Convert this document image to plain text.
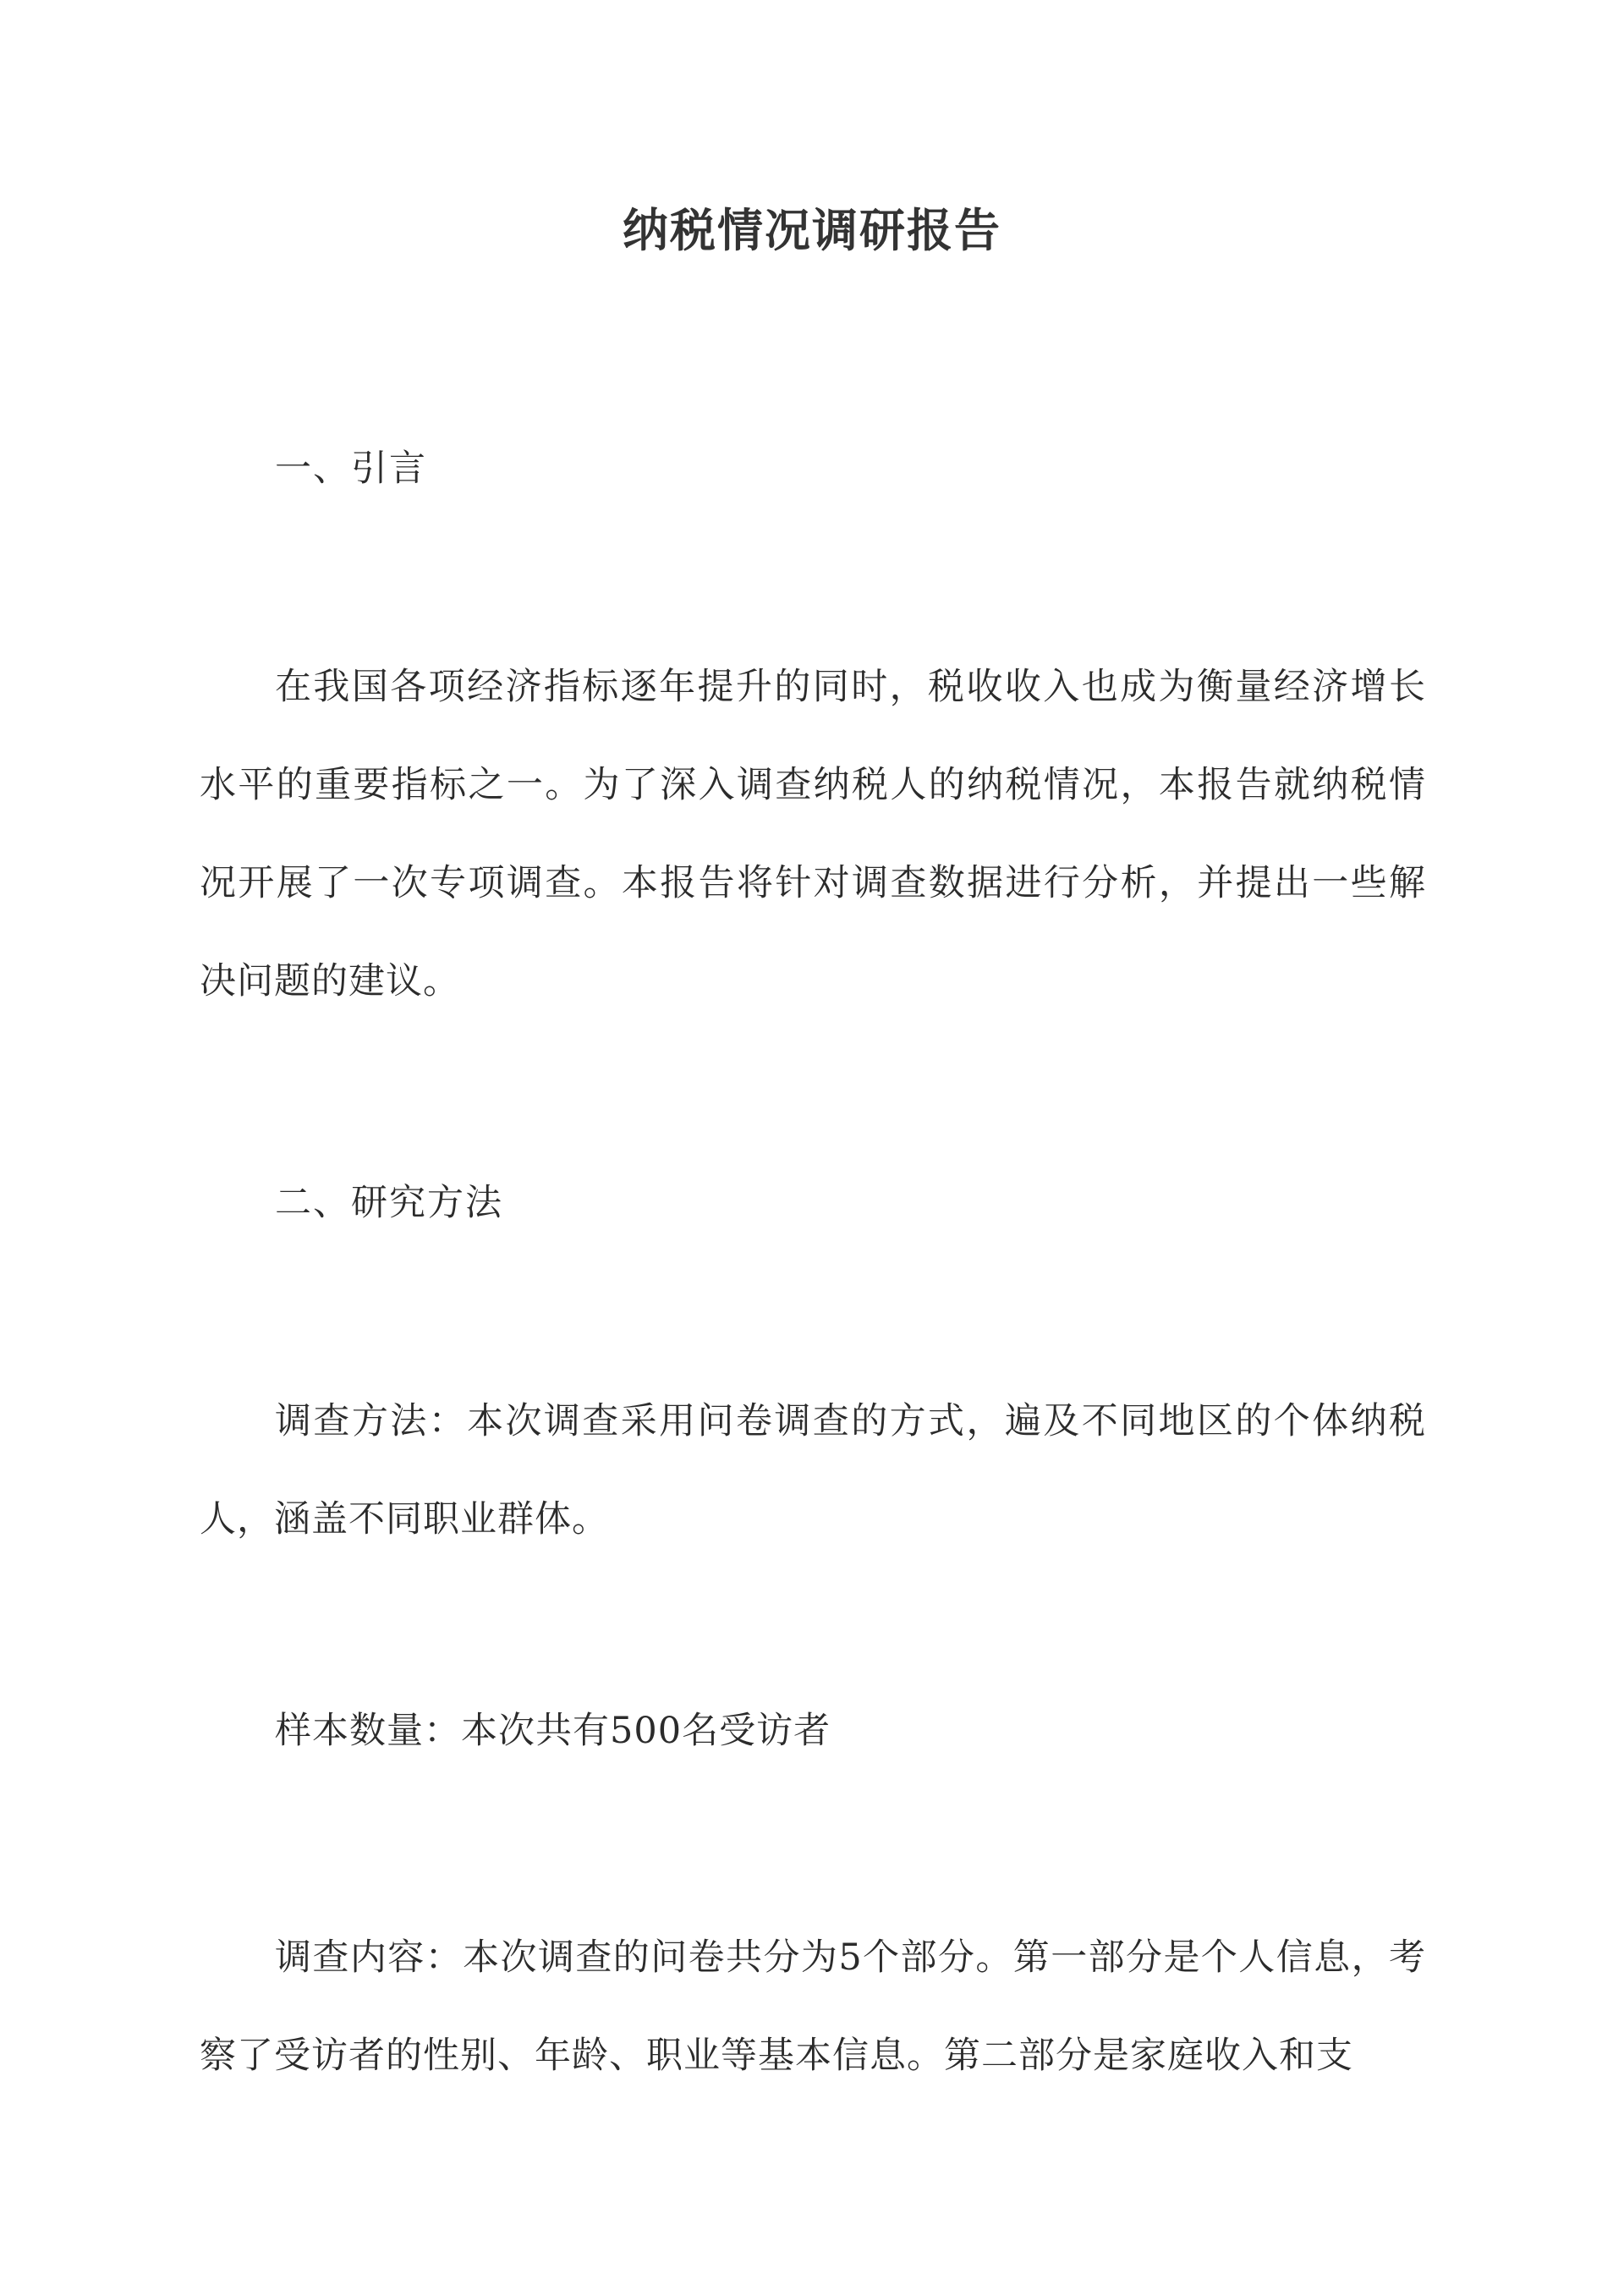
纳税情况调研报告
一、引言

在我国各项经济指标逐年提升的同时，税收收入也成为衡量经济增长水平的重要指标之一。为了深入调查纳税人的纳税情况，本报告就纳税情况开展了一次专项调查。本报告将针对调查数据进行分析，并提出一些解决问题的建议。

二、研究方法

调查方法：本次调查采用问卷调查的方式，遍及不同地区的个体纳税人，涵盖不同职业群体。

样本数量：本次共有500名受访者

调查内容：本次调查的问卷共分为5个部分。第一部分是个人信息，考察了受访者的性别、年龄、职业等基本信息。第二部分是家庭收入和支
